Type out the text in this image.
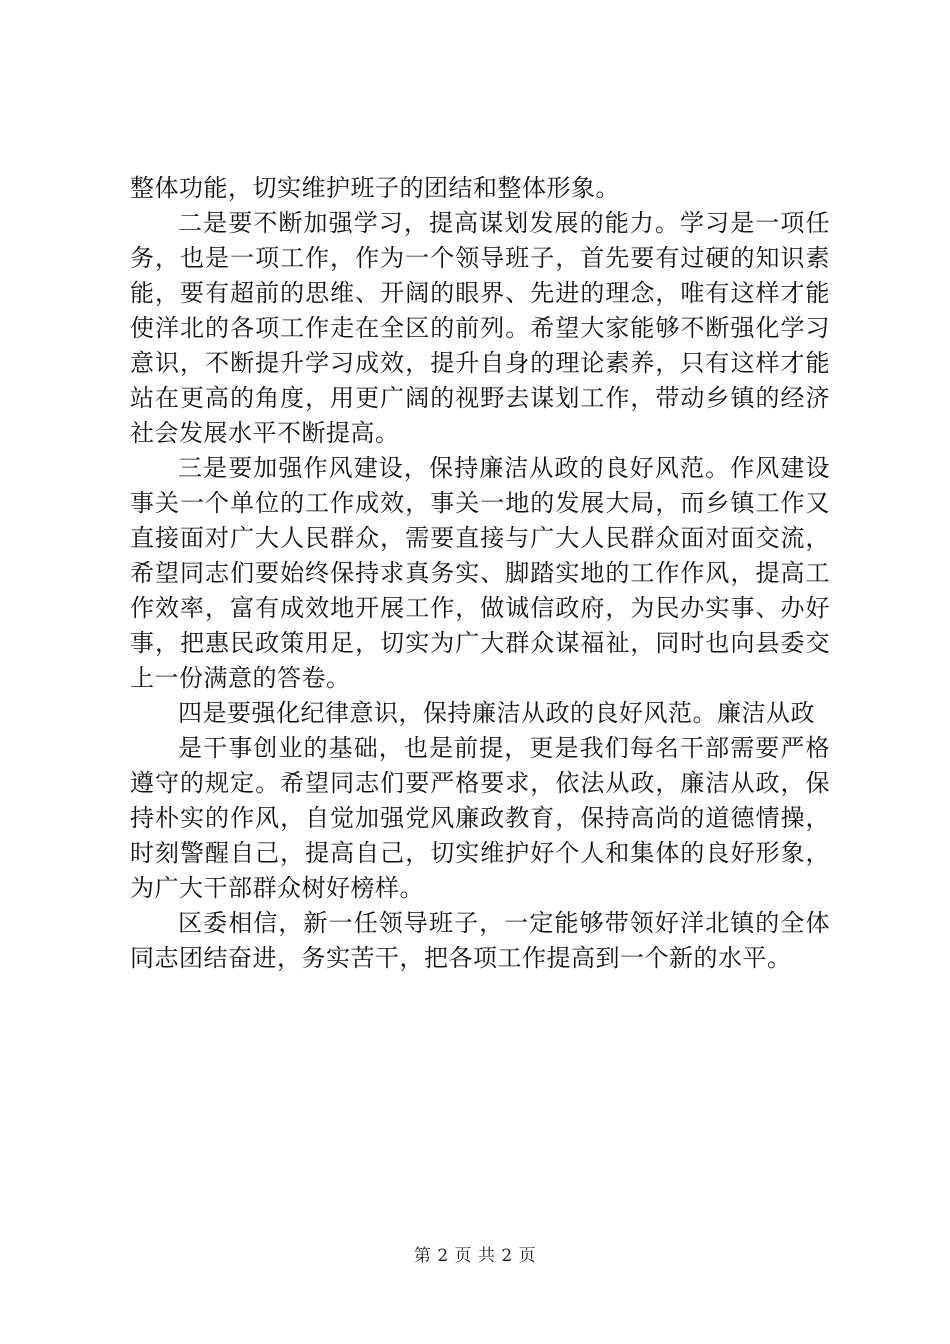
整体功能，切实维护班子的团结和整体形象。

二是要不断加强学习，提高谋划发展的能力。学习是一项任务，也是一项工作，作为一个领导班子，首先要有过硬的知识素能，要有超前的思维、开阔的眼界、先进的理念，唯有这样才能使洋北的各项工作走在全区的前列。希望大家能够不断强化学习意识，不断提升学习成效，提升自身的理论素养，只有这样才能站在更高的角度，用更广阔的视野去谋划工作，带动乡镇的经济社会发展水平不断提高。

三是要加强作风建设，保持廉洁从政的良好风范。作风建设事关一个单位的工作成效，事关一地的发展大局，而乡镇工作又直接面对广大人民群众，需要直接与广大人民群众面对面交流，希望同志们要始终保持求真务实、脚踏实地的工作作风，提高工作效率，富有成效地开展工作，做诚信政府，为民办实事、办好事，把惠民政策用足，切实为广大群众谋福祉，同时也向县委交上一份满意的答卷。

四是要强化纪律意识，保持廉洁从政的良好风范。廉洁从政

是干事创业的基础，也是前提，更是我们每名干部需要严格遵守的规定。希望同志们要严格要求，依法从政，廉洁从政，保持朴实的作风，自觉加强党风廉政教育，保持高尚的道德情操，时刻警醒自己，提高自己，切实维护好个人和集体的良好形象，为广大干部群众树好榜样。

区委相信，新一任领导班子，一定能够带领好洋北镇的全体同志团结奋进，务实苦干，把各项工作提高到一个新的水平。

第 2 页 共 2 页
